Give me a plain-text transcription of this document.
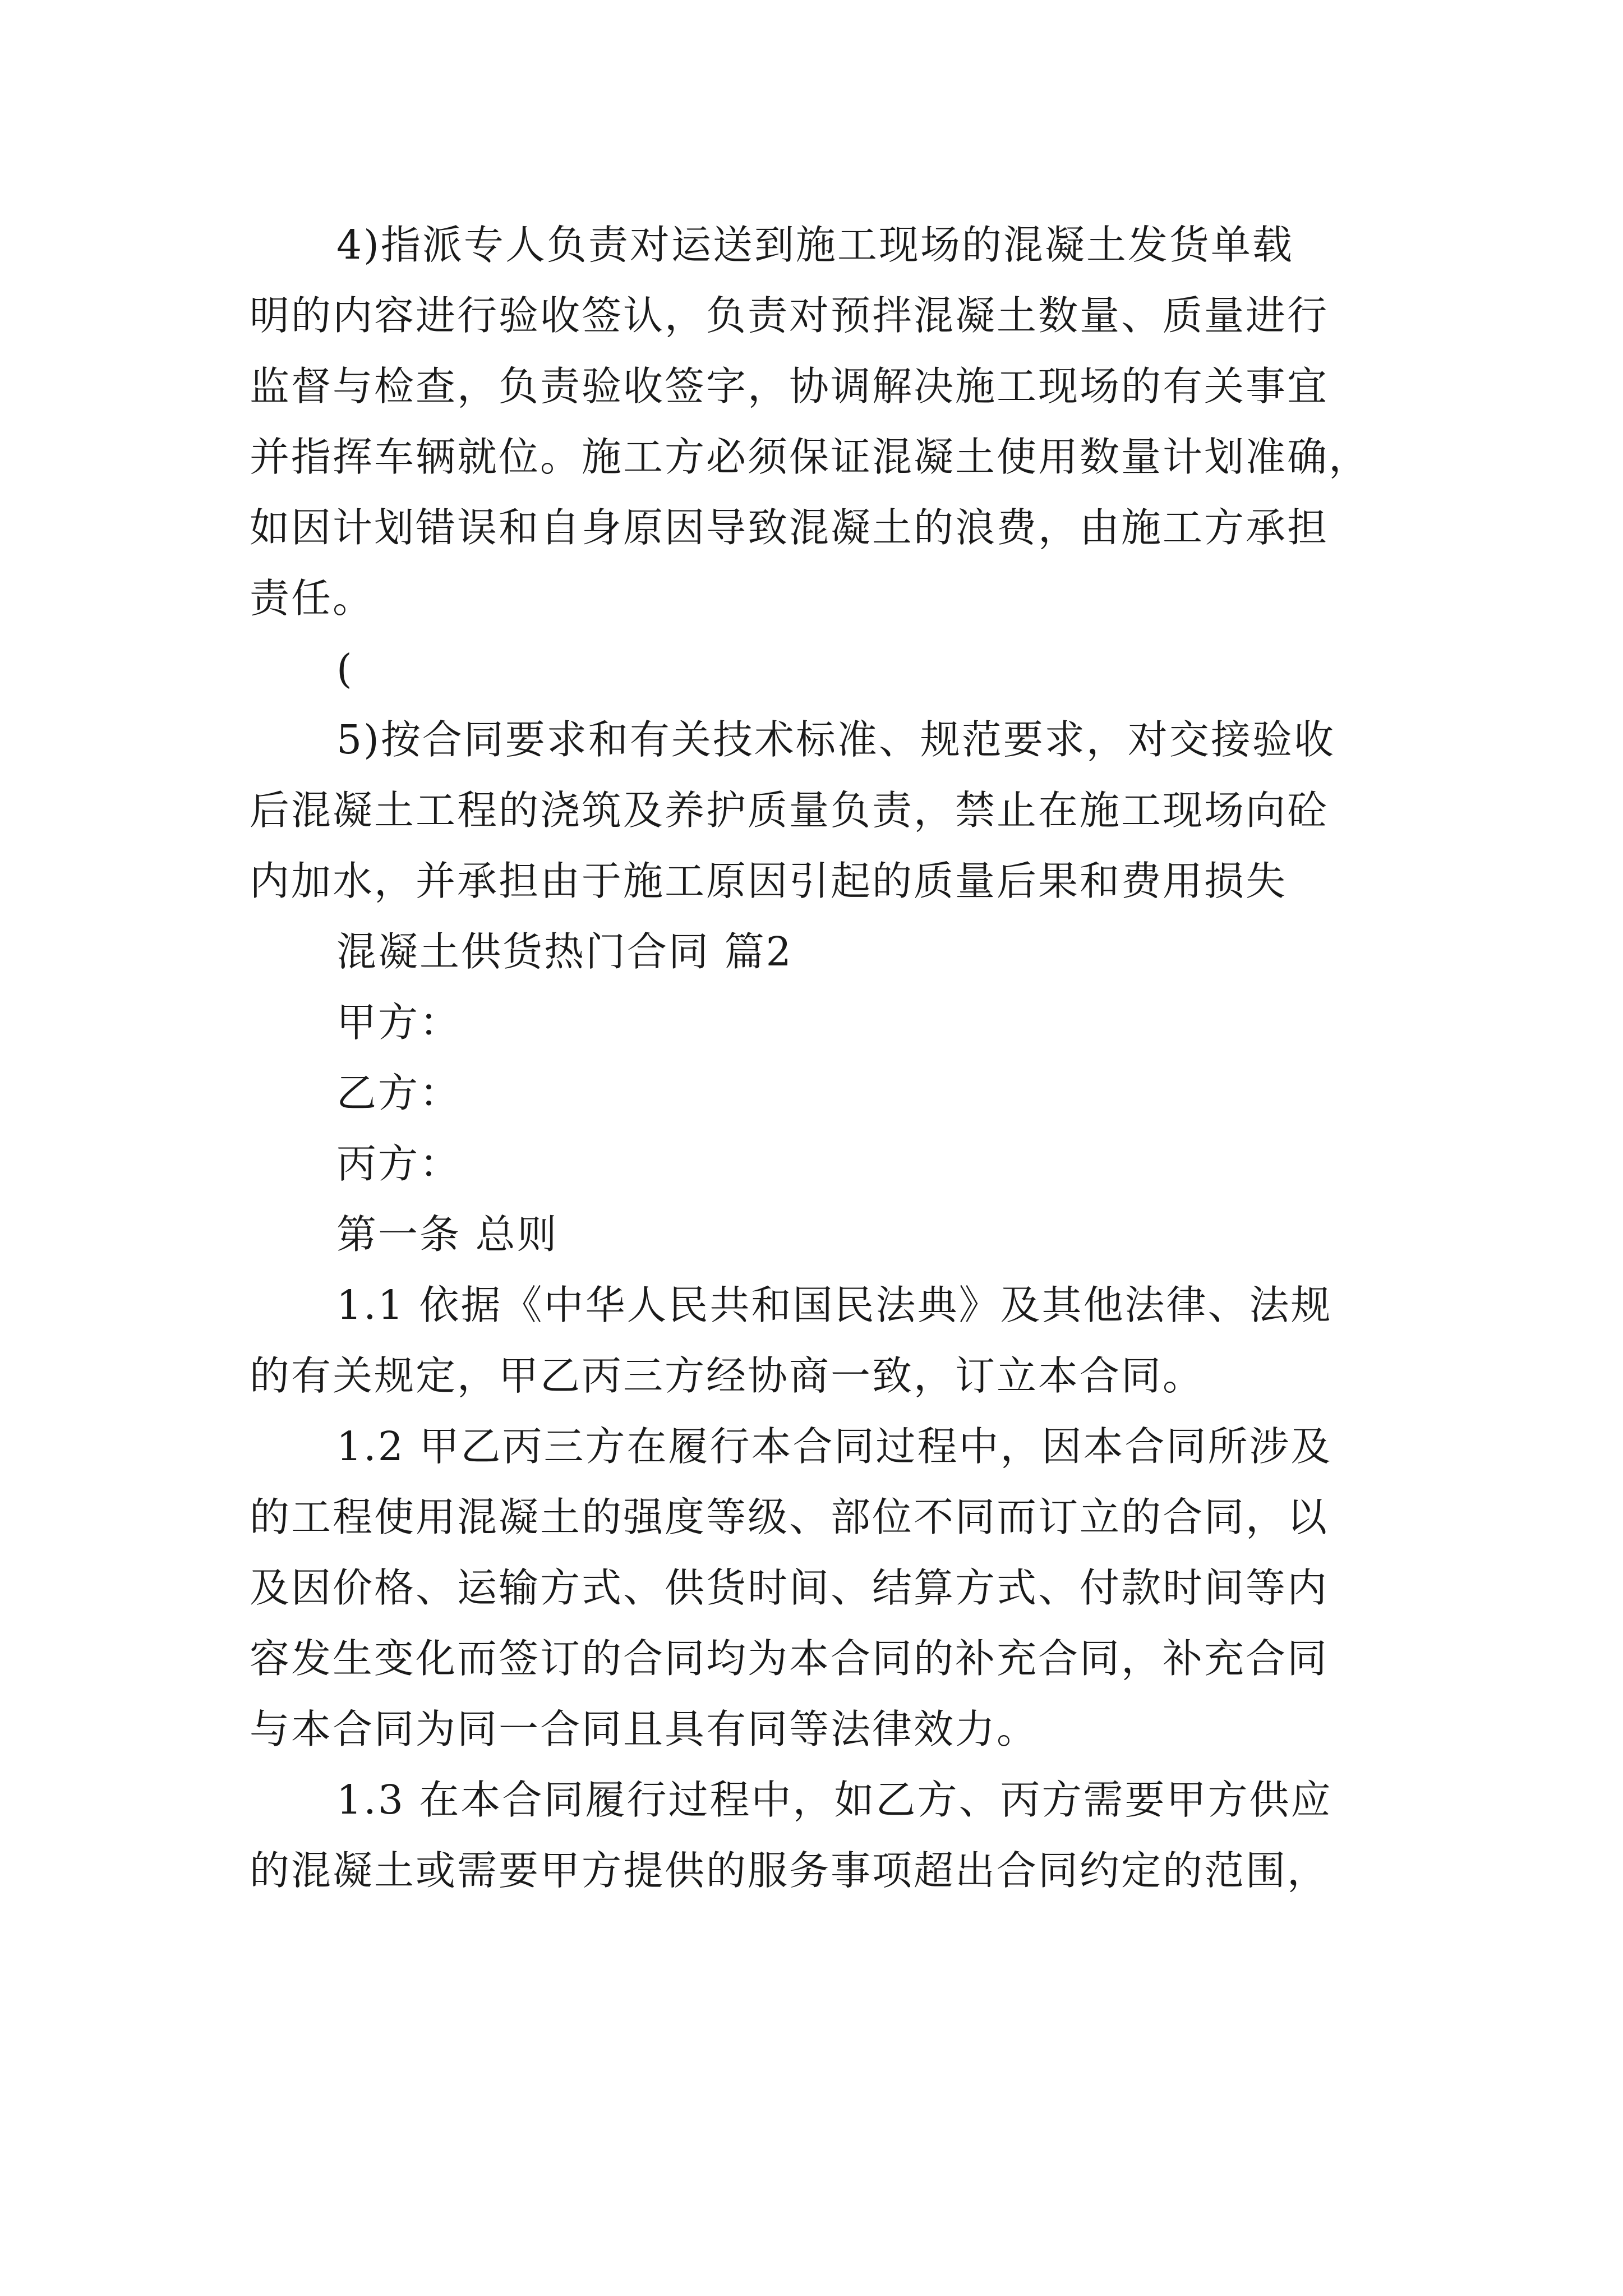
4)指派专人负责对运送到施工现场的混凝土发货单载
明的内容进行验收签认，负责对预拌混凝土数量、质量进行
监督与检查，负责验收签字，协调解决施工现场的有关事宜
并指挥车辆就位。施工方必须保证混凝土使用数量计划准确，
如因计划错误和自身原因导致混凝土的浪费，由施工方承担
责任。
(
5)按合同要求和有关技术标准、规范要求，对交接验收
后混凝土工程的浇筑及养护质量负责，禁止在施工现场向砼
内加水，并承担由于施工原因引起的质量后果和费用损失
混凝土供货热门合同 篇2
甲方：
乙方：
丙方：
第一条 总则
1.1 依据《中华人民共和国民法典》及其他法律、法规
的有关规定，甲乙丙三方经协商一致，订立本合同。
1.2 甲乙丙三方在履行本合同过程中，因本合同所涉及
的工程使用混凝土的强度等级、部位不同而订立的合同，以
及因价格、运输方式、供货时间、结算方式、付款时间等内
容发生变化而签订的合同均为本合同的补充合同，补充合同
与本合同为同一合同且具有同等法律效力。
1.3 在本合同履行过程中，如乙方、丙方需要甲方供应
的混凝土或需要甲方提供的服务事项超出合同约定的范围，
